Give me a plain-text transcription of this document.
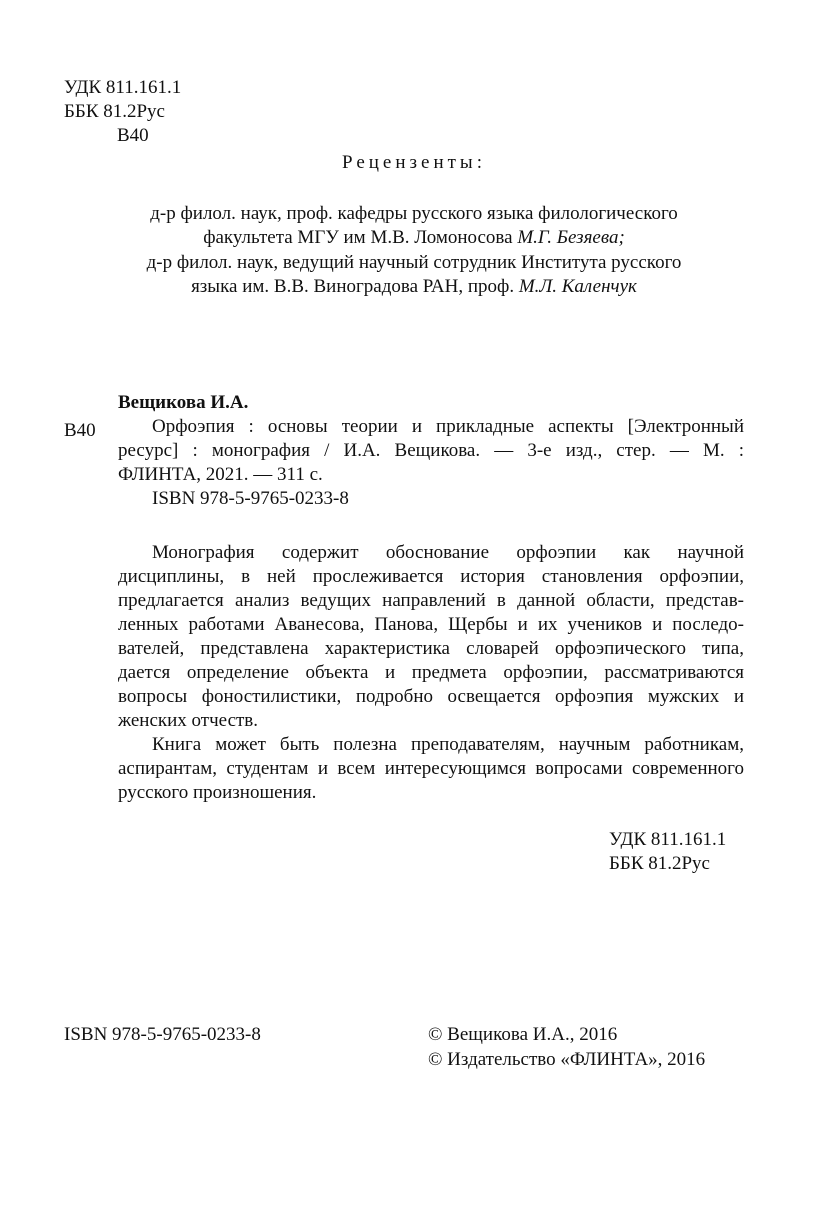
УДК 811.161.1
ББК 81.2Рус
В40
Рецензенты:
д-р филол. наук, проф. кафедры русского языка филологического
факультета МГУ им М.В. Ломоносова М.Г. Безяева;
д-р филол. наук, ведущий научный сотрудник Института русского
языка им. В.В. Виноградова РАН, проф. М.Л. Каленчук
Вещикова И.А.
В40	Орфоэпия : основы теории и прикладные аспекты [Электронный
ресурс] : монография / И.А. Вещикова. — 3-е изд., стер. — М. :
ФЛИНТА, 2021. — 311 с.
ISBN 978-5-9765-0233-8
Монография содержит обоснование орфоэпии как научной
дисциплины, в ней прослеживается история становления орфоэпии,
предлагается анализ ведущих направлений в данной области, представ-
ленных работами Аванесова, Панова, Щербы и их учеников и последо-
вателей, представлена характеристика словарей орфоэпического типа,
дается определение объекта и предмета орфоэпии, рассматриваются
вопросы фоностилистики, подробно освещается орфоэпия мужских и
женских отчеств.
Книга может быть полезна преподавателям, научным работникам,
аспирантам, студентам и всем интересующимся вопросами современного
русского произношения.
УДК 811.161.1
ББК 81.2Рус
ISBN 978-5-9765-0233-8	© Вещикова И.А., 2016
© Издательство «ФЛИНТА», 2016
